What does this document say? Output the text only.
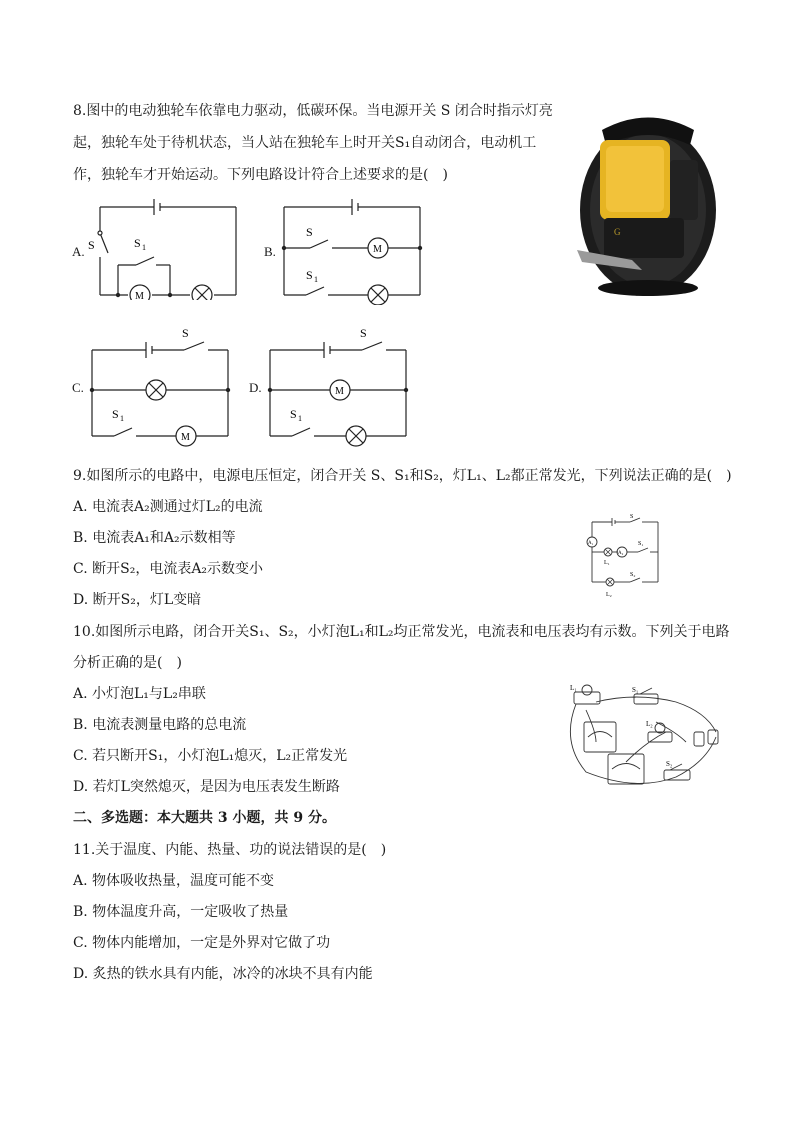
8.图中的电动独轮车依靠电力驱动，低碳环保。当电源开关 S 闭合时指示灯亮
起，独轮车处于待机状态，当人站在独轮车上时开关S₁自动闭合，电动机工
作，独轮车才开始运动。下列电路设计符合上述要求的是(　)
G
A. S	S 1
M
B.
S
S 1
M
C.
S
S 1
M
D.
S
S 1
M
9.如图所示的电路中，电源电压恒定，闭合开关 S、S₁和S₂，灯L₁、L₂都正常发光，下列说法正确的是(　)
A. 电流表A₂测通过灯L₂的电流
B. 电流表A₁和A₂示数相等
C. 断开S₂，电流表A₂示数变小
D. 断开S₂，灯L变暗
S
A₁
A₂
S₁
L₁
S₂
L₂
10.如图所示电路，闭合开关S₁、S₂，小灯泡L₁和L₂均正常发光，电流表和电压表均有示数。下列关于电路
分析正确的是(　)
A. 小灯泡L₁与L₂串联
B. 电流表测量电路的总电流
C. 若只断开S₁，小灯泡L₁熄灭，L₂正常发光
D. 若灯L突然熄灭，是因为电压表发生断路
L₁	S₁
L₂
S₂
二、多选题：本大题共 3 小题，共 9 分。
11.关于温度、内能、热量、功的说法错误的是(　)
A. 物体吸收热量，温度可能不变
B. 物体温度升高，一定吸收了热量
C. 物体内能增加，一定是外界对它做了功
D. 炙热的铁水具有内能，冰冷的冰块不具有内能
